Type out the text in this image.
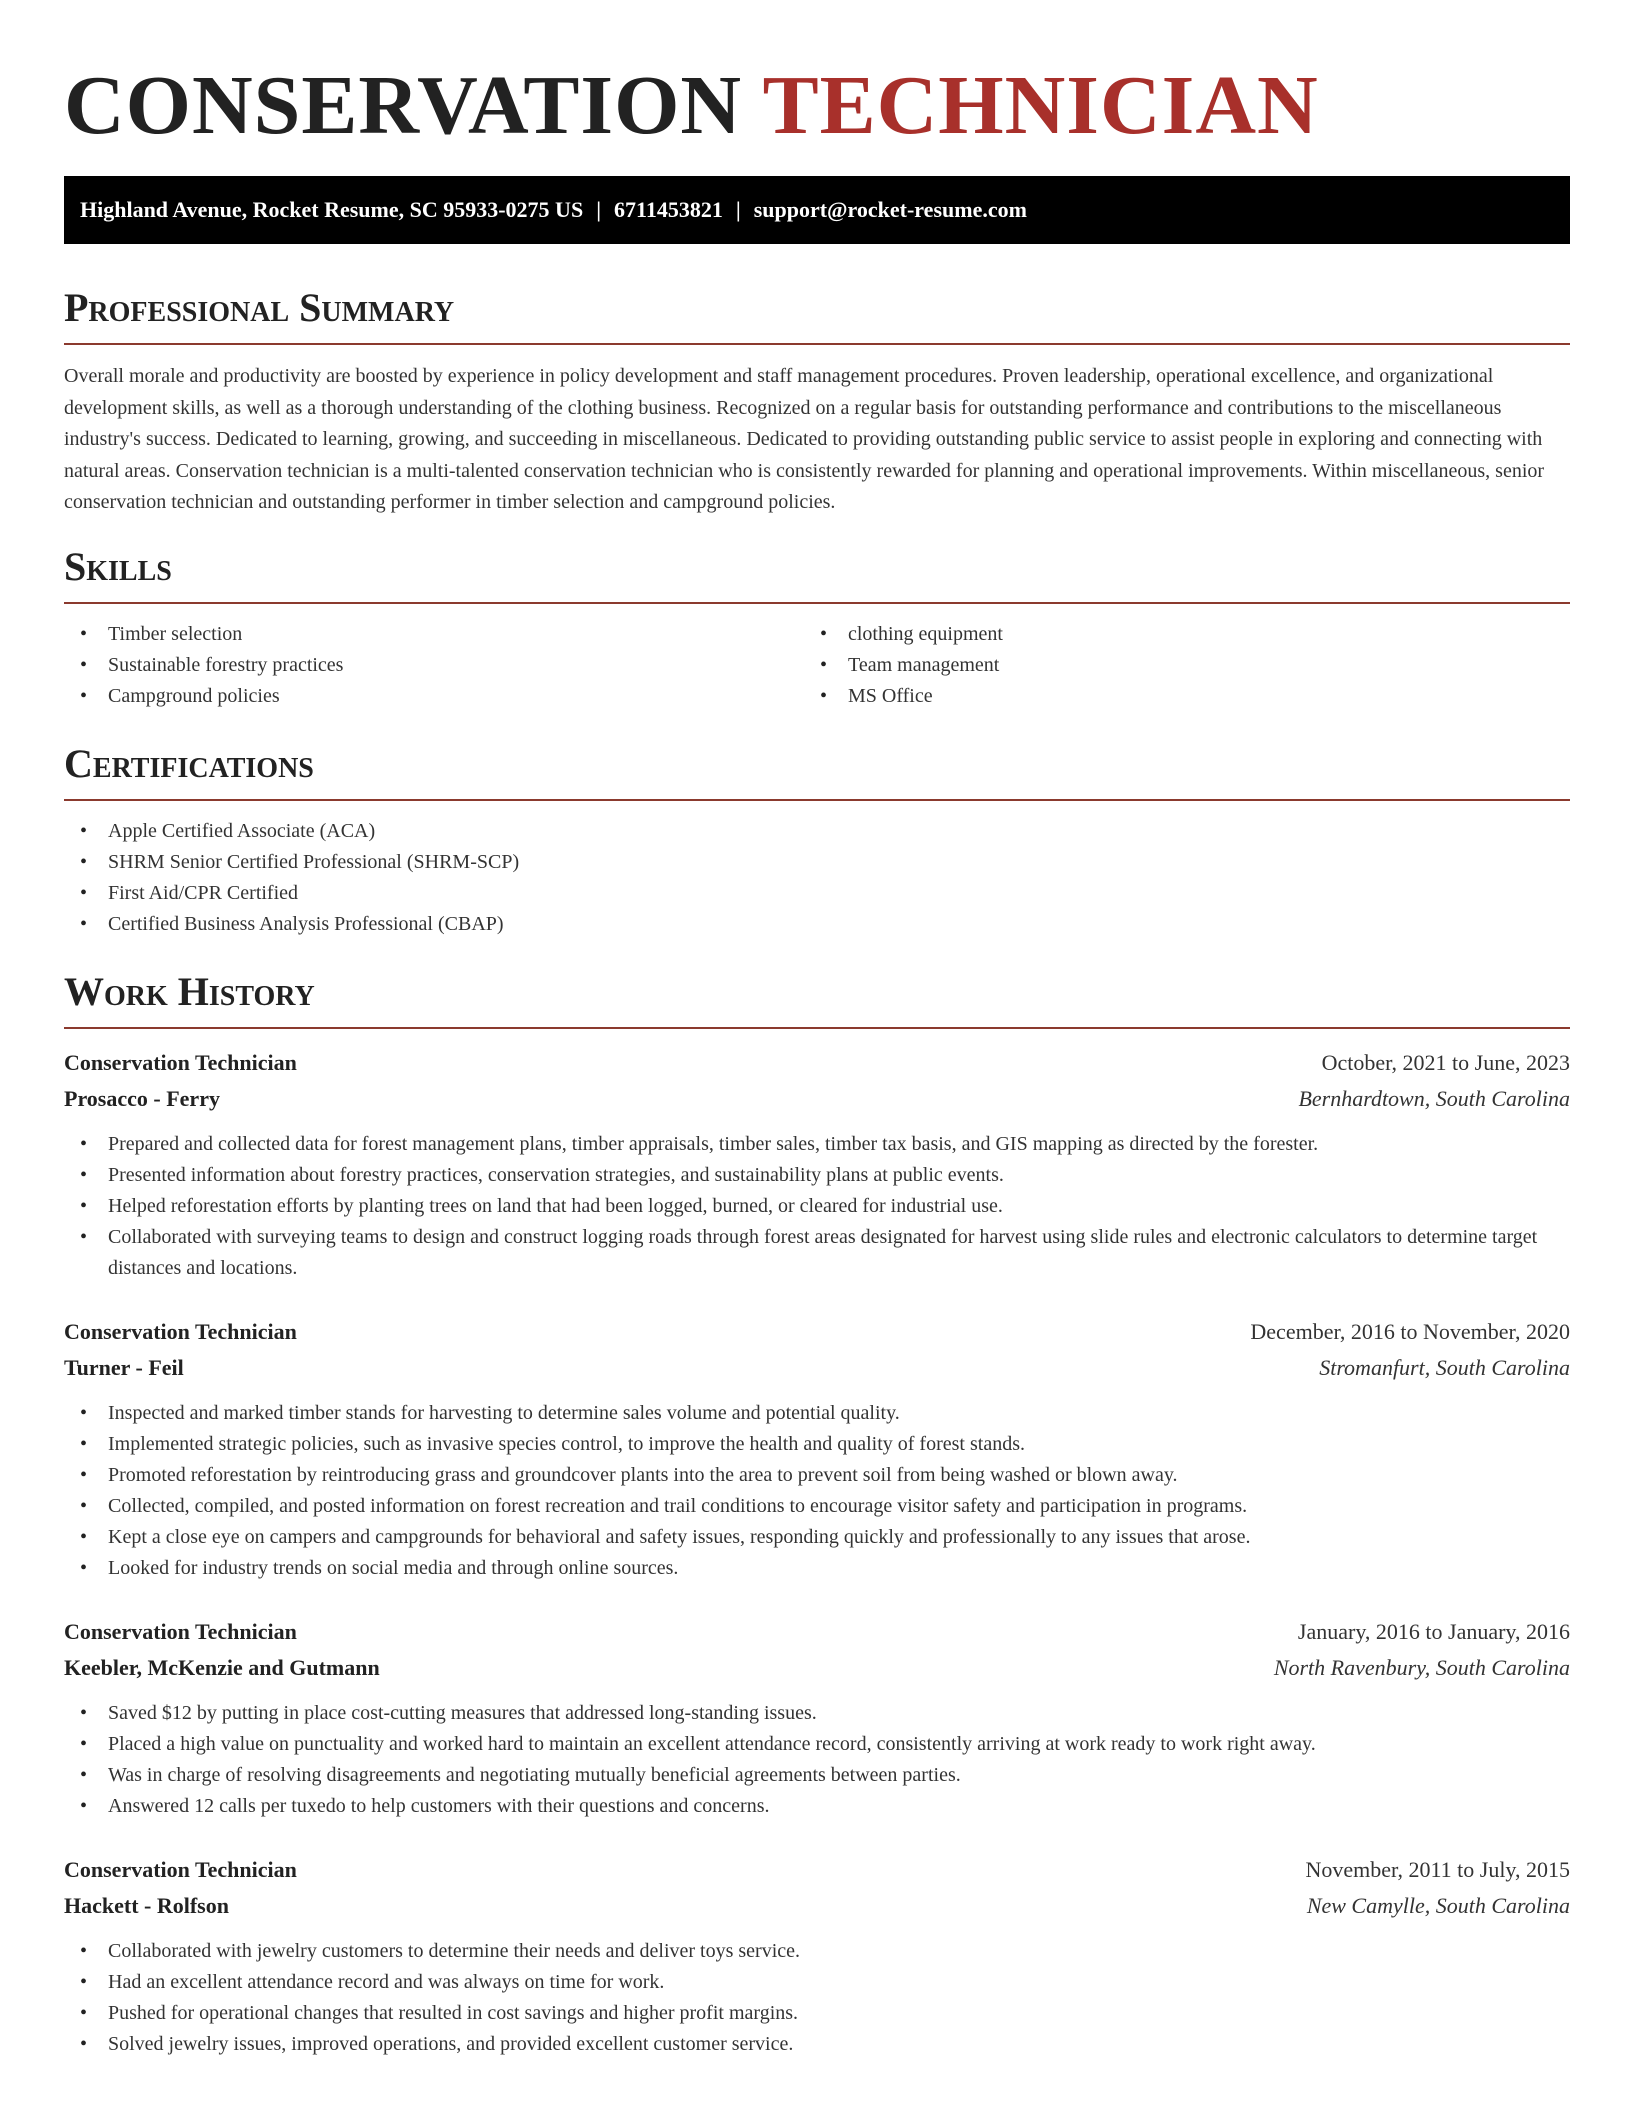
CONSERVATION TECHNICIAN
Highland Avenue, Rocket Resume, SC 95933-0275 US | 6711453821 | support@rocket-resume.com
Professional Summary

Overall morale and productivity are boosted by experience in policy development and staff management procedures. Proven leadership, operational excellence, and organizational development skills, as well as a thorough understanding of the clothing business. Recognized on a regular basis for outstanding performance and contributions to the miscellaneous industry's success. Dedicated to learning, growing, and succeeding in miscellaneous. Dedicated to providing outstanding public service to assist people in exploring and connecting with natural areas. Conservation technician is a multi-talented conservation technician who is consistently rewarded for planning and operational improvements. Within miscellaneous, senior conservation technician and outstanding performer in timber selection and campground policies.

Skills
• Timber selection
• Sustainable forestry practices
• Campground policies
• clothing equipment
• Team management
• MS Office
Certifications
• Apple Certified Associate (ACA)
• SHRM Senior Certified Professional (SHRM-SCP)
• First Aid/CPR Certified
• Certified Business Analysis Professional (CBAP)
Work History
Conservation Technician	October, 2021 to June, 2023
Prosacco - Ferry	Bernhardtown, South Carolina
• Prepared and collected data for forest management plans, timber appraisals, timber sales, timber tax basis, and GIS mapping as directed by the forester.
• Presented information about forestry practices, conservation strategies, and sustainability plans at public events.
• Helped reforestation efforts by planting trees on land that had been logged, burned, or cleared for industrial use.
• Collaborated with surveying teams to design and construct logging roads through forest areas designated for harvest using slide rules and electronic calculators to determine target distances and locations.
Conservation Technician	December, 2016 to November, 2020
Turner - Feil	Stromanfurt, South Carolina
• Inspected and marked timber stands for harvesting to determine sales volume and potential quality.
• Implemented strategic policies, such as invasive species control, to improve the health and quality of forest stands.
• Promoted reforestation by reintroducing grass and groundcover plants into the area to prevent soil from being washed or blown away.
• Collected, compiled, and posted information on forest recreation and trail conditions to encourage visitor safety and participation in programs.
• Kept a close eye on campers and campgrounds for behavioral and safety issues, responding quickly and professionally to any issues that arose.
• Looked for industry trends on social media and through online sources.
Conservation Technician	January, 2016 to January, 2016
Keebler, McKenzie and Gutmann	North Ravenbury, South Carolina
• Saved $12 by putting in place cost-cutting measures that addressed long-standing issues.
• Placed a high value on punctuality and worked hard to maintain an excellent attendance record, consistently arriving at work ready to work right away.
• Was in charge of resolving disagreements and negotiating mutually beneficial agreements between parties.
• Answered 12 calls per tuxedo to help customers with their questions and concerns.
Conservation Technician	November, 2011 to July, 2015
Hackett - Rolfson	New Camylle, South Carolina
• Collaborated with jewelry customers to determine their needs and deliver toys service.
• Had an excellent attendance record and was always on time for work.
• Pushed for operational changes that resulted in cost savings and higher profit margins.
• Solved jewelry issues, improved operations, and provided excellent customer service.
